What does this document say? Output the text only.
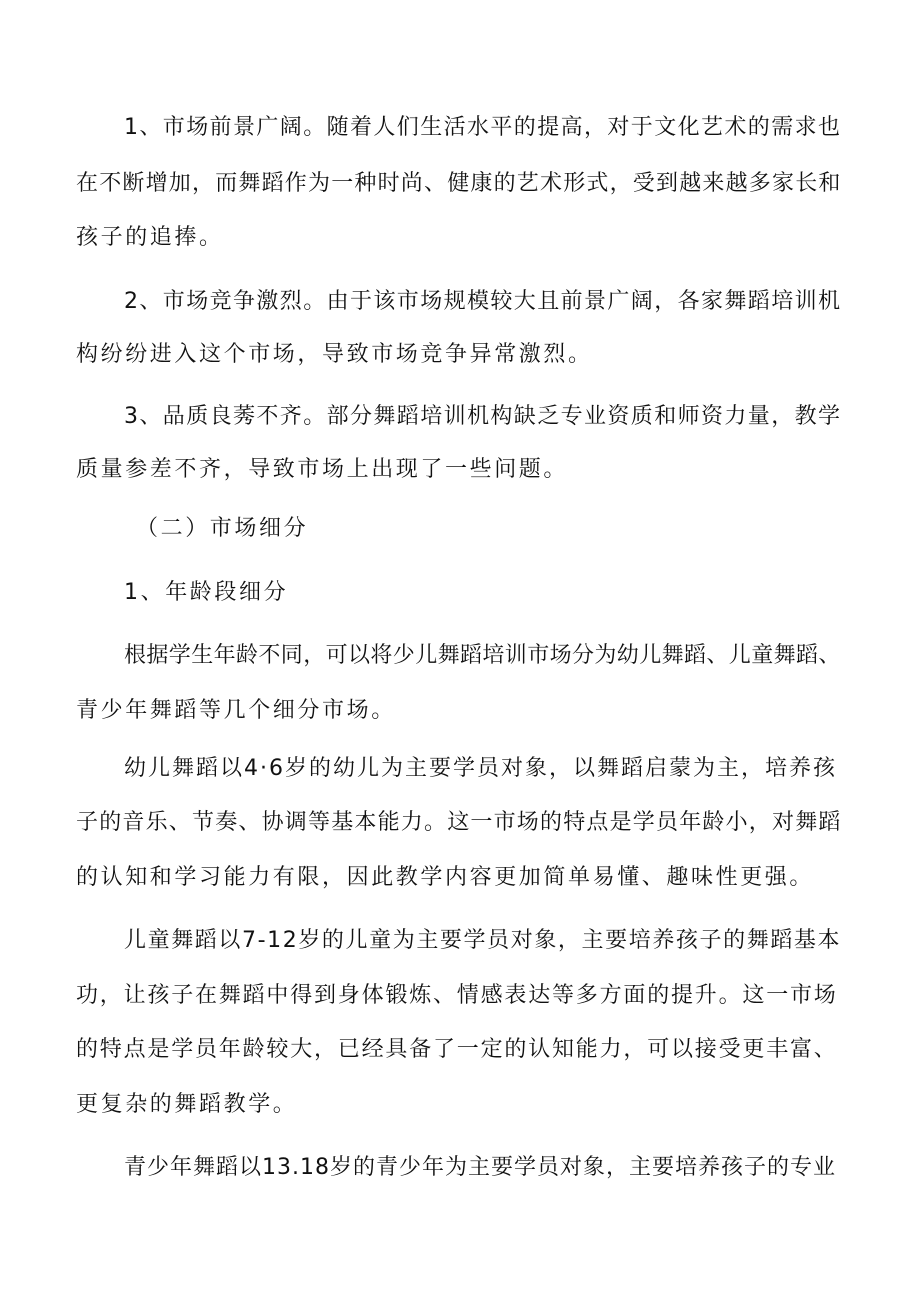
1、市场前景广阔。随着人们生活水平的提高，对于文化艺术的需求也
在不断增加，而舞蹈作为一种时尚、健康的艺术形式，受到越来越多家长和
孩子的追捧。
2、市场竞争激烈。由于该市场规模较大且前景广阔，各家舞蹈培训机
构纷纷进入这个市场，导致市场竞争异常激烈。
3、品质良莠不齐。部分舞蹈培训机构缺乏专业资质和师资力量，教学
质量参差不齐，导致市场上出现了一些问题。
（二）市场细分
1、年龄段细分
根据学生年龄不同，可以将少儿舞蹈培训市场分为幼儿舞蹈、儿童舞蹈、
青少年舞蹈等几个细分市场。
幼儿舞蹈以4·6岁的幼儿为主要学员对象，以舞蹈启蒙为主，培养孩
子的音乐、节奏、协调等基本能力。这一市场的特点是学员年龄小，对舞蹈
的认知和学习能力有限，因此教学内容更加简单易懂、趣味性更强。
儿童舞蹈以7-12岁的儿童为主要学员对象，主要培养孩子的舞蹈基本
功，让孩子在舞蹈中得到身体锻炼、情感表达等多方面的提升。这一市场
的特点是学员年龄较大，已经具备了一定的认知能力，可以接受更丰富、
更复杂的舞蹈教学。
青少年舞蹈以13.18岁的青少年为主要学员对象，主要培养孩子的专业
